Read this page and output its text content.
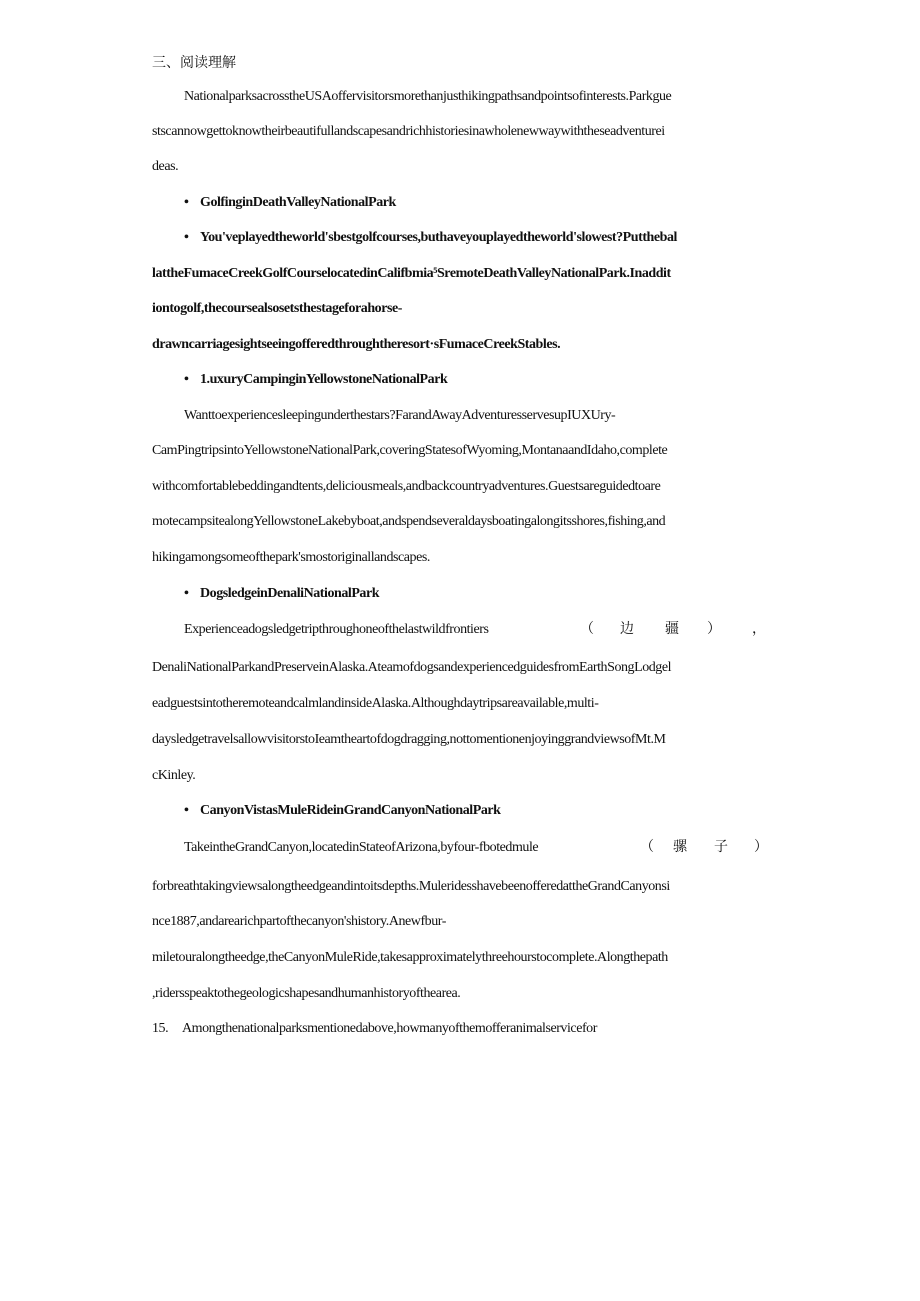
三、阅读理解
NationalparksacrosstheUSAoffervisitorsmorethanjusthikingpathsandpointsofinterests.Parkgue
stscannowgettoknowtheirbeautifullandscapesandrichhistoriesinawholenewwaywiththeseadventurei
deas.
• GolfinginDeathValleyNationalPark
• You'veplayedtheworld'sbestgolfcourses,buthaveyouplayedtheworld'slowest?Putthebal
lattheFumaceCreekGolfCourselocatedinCalifbmia⁵SremoteDeathValleyNationalPark.Inaddit
iontogolf,thecoursealsosetsthestageforahorse-
drawncarriagesightseeingofferedthroughtheresort·sFumaceCreekStables.
• 1.uxuryCampinginYellowstoneNationalPark
Wanttoexperiencesleepingunderthestars?FarandAwayAdventuresservesupIUXUry-
CamPingtripsintoYellowstoneNationalPark,coveringStatesofWyoming,MontanaandIdaho,complete
withcomfortablebeddingandtents,deliciousmeals,andbackcountryadventures.Guestsareguidedtoare
motecampsitealongYellowstoneLakebyboat,andspendseveraldaysboatingalongitsshores,fishing,and
hikingamongsomeofthepark'smostoriginallandscapes.
• DogsledgeinDenaliNationalPark
Experienceadogsledgetripthroughoneofthelastwildfrontiers	（ 边 疆 ） ，
DenaliNationalParkandPreserveinAlaska.AteamofdogsandexperiencedguidesfromEarthSongLodgel
eadguestsintotheremoteandcalmlandinsideAlaska.Althoughdaytripsareavailable,multi-
daysledgetravelsallowvisitorstoIeamtheartofdogdragging,nottomentionenjoyinggrandviewsofMt.M
cKinley.
• CanyonVistasMuleRideinGrandCanyonNationalPark
TakeintheGrandCanyon,locatedinStateofArizona,byfour-fbotedmule	（ 骡 子 ）
forbreathtakingviewsalongtheedgeandintoitsdepths.MuleridesshavebeenofferedattheGrandCanyonsi
nce1887,andarearichpartofthecanyon'shistory.Anewfbur-
miletouralongtheedge,theCanyonMuleRide,takesapproximatelythreehourstocomplete.Alongthepath
,ridersspeaktothegeologicshapesandhumanhistoryofthearea.
15. Amongthenationalparksmentionedabove,howmanyofthemofferanimalservicefor
